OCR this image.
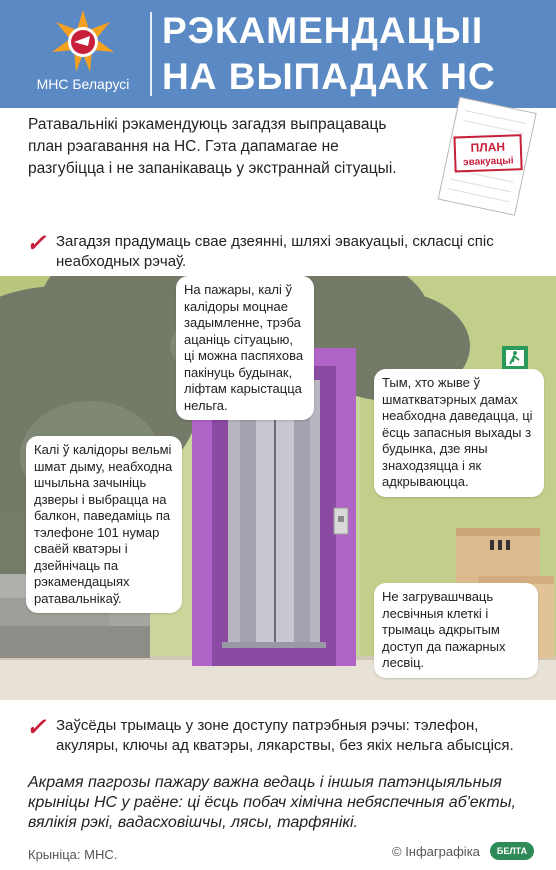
МНС Беларусі
РЭКАМЕНДАЦЫІ
НА ВЫПАДАК НС
Ратавальнікі рэкамендуюць загадзя выпрацаваць план рэагавання на НС. Гэта дапамагае не разгубіцца і не запанікаваць у экстраннай сітуацыі.
ПЛАН
эвакуацыі
✓ Загадзя прадумаць свае дзеянні, шляхі эвакуацыі, скласці спіс неабходных рэчаў.
На пажары, калі ў калідоры моцнае задымленне, трэба ацаніць сітуацыю, ці можна паспяхова пакінуць будынак, ліфтам карыстацца нельга.
Калі ў калідоры вельмі шмат дыму, неабходна шчыльна зачыніць дзверы і выбрацца на балкон, паведаміць па тэлефоне 101 нумар сваёй кватэры і дзейнічаць па рэкамендацыях ратавальнікаў.
Тым, хто жыве ў шматкватэрных дамах неабходна даведацца, ці ёсць запасныя выхады з будынка, дзе яны знаходзяцца і як адкрываюцца.
Не загрувашчваць лесвічныя клеткі і трымаць адкрытым доступ да пажарных лесвіц.
✓ Заўсёды трымаць у зоне доступу патрэбныя рэчы: тэлефон, акуляры, ключы ад кватэры, лякарствы, без якіх нельга абысціся.
Акрамя пагрозы пажару важна ведаць і іншыя патэнцыяльныя крыніцы НС у раёне: ці ёсць побач хімічна небяспечныя аб'екты, вялікія рэкі, вадасховішчы, лясы, тарфянікі.
Крыніца: МНС.	© Інфаграфіка	БЕЛТА
